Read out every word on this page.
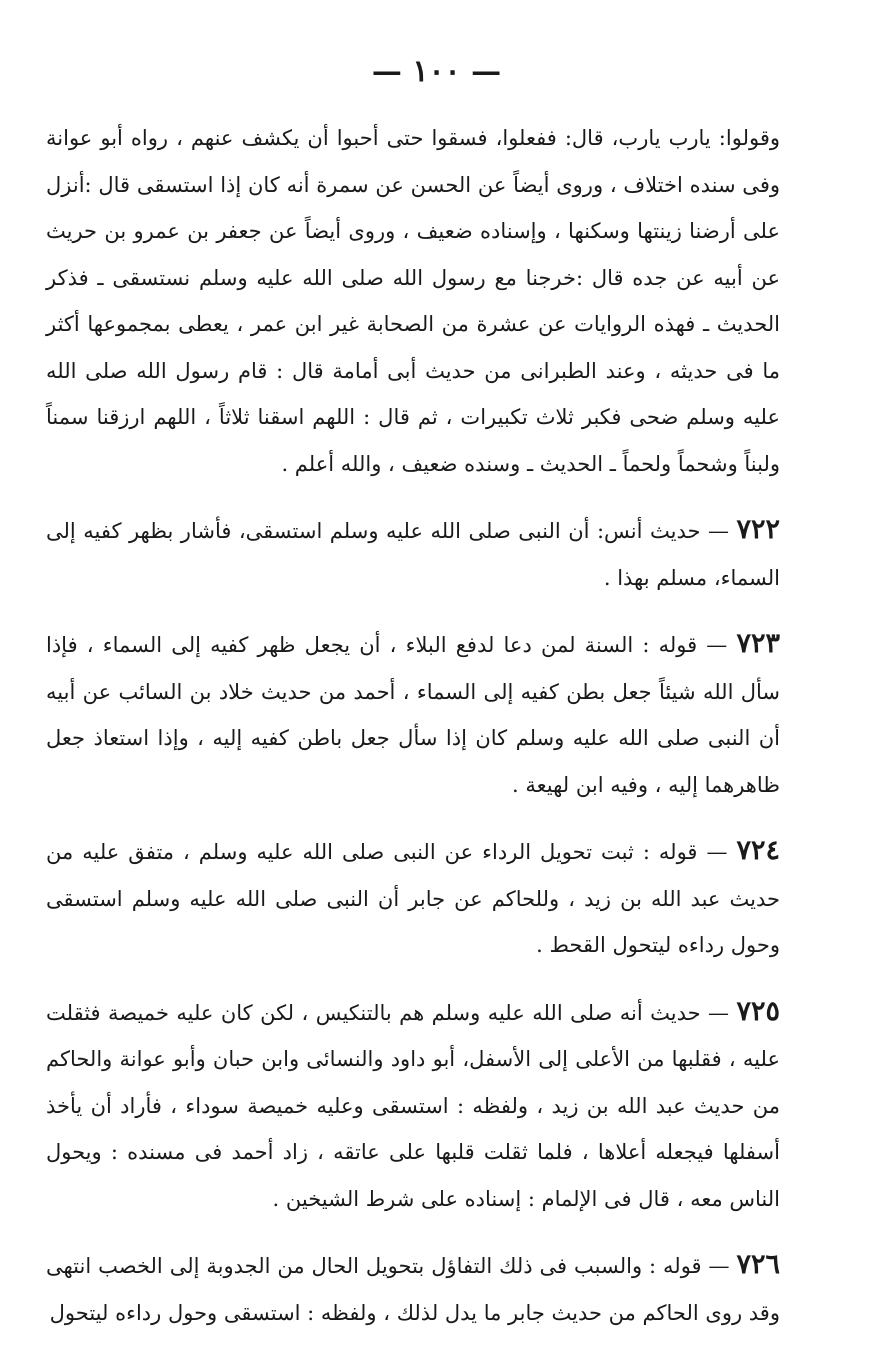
— ١٠٠ —

وقولوا: يارب يارب، قال: ففعلوا، فسقوا حتى أحبوا أن يكشف عنهم ، رواه أبو عوانة وفى سنده اختلاف ، وروى أيضاً عن الحسن عن سمرة أنه كان إذا استسقى قال :أنزل على أرضنا زينتها وسكنها ، وإسناده ضعيف ، وروى أيضاً عن جعفر بن عمرو بن حريث عن أبيه عن جده قال :خرجنا مع رسول الله صلى الله عليه وسلم نستسقى ـ فذكر الحديث ـ فهذه الروايات عن عشرة من الصحابة غير ابن عمر ، يعطى بمجموعها أكثر ما فى حديثه ، وعند الطبرانى من حديث أبى أمامة قال : قام رسول الله صلى الله عليه وسلم ضحى فكبر ثلاث تكبيرات ، ثم قال : اللهم اسقنا ثلاثاً ، اللهم ارزقنا سمناً ولبناً وشحماً ولحماً ـ الحديث ـ وسنده ضعيف ، والله أعلم .

٧٢٢ — حديث أنس: أن النبى صلى الله عليه وسلم استسقى، فأشار بظهر كفيه إلى السماء، مسلم بهذا .

٧٢٣ — قوله : السنة لمن دعا لدفع البلاء ، أن يجعل ظهر كفيه إلى السماء ، فإذا سأل الله شيئاً جعل بطن كفيه إلى السماء ، أحمد من حديث خلاد بن السائب عن أبيه أن النبى صلى الله عليه وسلم كان إذا سأل جعل باطن كفيه إليه ، وإذا استعاذ جعل ظاهرهما إليه ، وفيه ابن لهيعة .

٧٢٤ — قوله : ثبت تحويل الرداء عن النبى صلى الله عليه وسلم ، متفق عليه من حديث عبد الله بن زيد ، وللحاكم عن جابر أن النبى صلى الله عليه وسلم استسقى وحول رداءه ليتحول القحط .

٧٢٥ — حديث أنه صلى الله عليه وسلم هم بالتنكيس ، لكن كان عليه خميصة فثقلت عليه ، فقلبها من الأعلى إلى الأسفل، أبو داود والنسائى وابن حبان وأبو عوانة والحاكم من حديث عبد الله بن زيد ، ولفظه : استسقى وعليه خميصة سوداء ، فأراد أن يأخذ أسفلها فيجعله أعلاها ، فلما ثقلت قلبها على عاتقه ، زاد أحمد فى مسنده : ويحول الناس معه ، قال فى الإلمام : إسناده على شرط الشيخين .

٧٢٦ — قوله : والسبب فى ذلك التفاؤل بتحويل الحال من الجدوبة إلى الخصب انتهى وقد روى الحاكم من حديث جابر ما يدل لذلك ، ولفظه : استسقى وحول رداءه ليتحول
